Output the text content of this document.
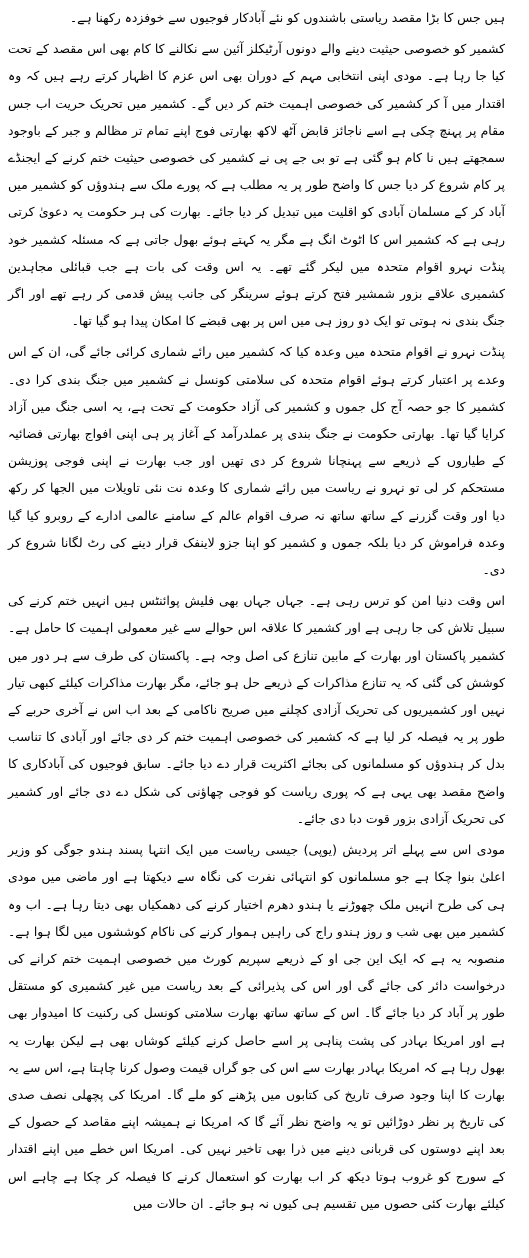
ہیں جس کا بڑا مقصد ریاستی باشندوں کو نئے آبادکار فوجیوں سے خوفزدہ رکھنا ہے۔

کشمیر کو خصوصی حیثیت دینے والے دونوں آرٹیکلز آئین سے نکالنے کا کام بھی اس مقصد کے تحت کیا جا رہا ہے۔ مودی اپنی انتخابی مہم کے دوران بھی اس عزم کا اظہار کرتے رہے ہیں کہ وہ اقتدار میں آ کر کشمیر کی خصوصی اہمیت ختم کر دیں گے۔ کشمیر میں تحریک حریت اب جس مقام پر پہنچ چکی ہے اسے ناجائز قابض آٹھ لاکھ بھارتی فوج اپنے تمام تر مظالم و جبر کے باوجود سمجھتے ہیں نا کام ہو گئی ہے تو بی جے پی نے کشمیر کی خصوصی حیثیت ختم کرنے کے ایجنڈے پر کام شروع کر دیا جس کا واضح طور پر یہ مطلب ہے کہ پورے ملک سے ہندوؤں کو کشمیر میں آباد کر کے مسلمان آبادی کو اقلیت میں تبدیل کر دیا جائے۔ بھارت کی ہر حکومت یہ دعویٰ کرتی رہی ہے کہ کشمیر اس کا اٹوٹ انگ ہے مگر یہ کہتے ہوئے بھول جاتی ہے کہ مسئلہ کشمیر خود پنڈت نہرو اقوام متحدہ میں لیکر گئے تھے۔ یہ اس وقت کی بات ہے جب قبائلی مجاہدین کشمیری علاقے بزور شمشیر فتح کرتے ہوئے سرینگر کی جانب پیش قدمی کر رہے تھے اور اگر جنگ بندی نہ ہوتی تو ایک دو روز ہی میں اس پر بھی قبضے کا امکان پیدا ہو گیا تھا۔

پنڈت نہرو نے اقوام متحدہ میں وعدہ کیا کہ کشمیر میں رائے شماری کرائی جائے گی، ان کے اس وعدے پر اعتبار کرتے ہوئے اقوام متحدہ کی سلامتی کونسل نے کشمیر میں جنگ بندی کرا دی۔ کشمیر کا جو حصہ آج کل جموں و کشمیر کی آزاد حکومت کے تحت ہے، یہ اسی جنگ میں آزاد کرایا گیا تھا۔ بھارتی حکومت نے جنگ بندی پر عملدرآمد کے آغاز پر ہی اپنی افواج بھارتی فضائیہ کے طیاروں کے ذریعے سے پہنچانا شروع کر دی تھیں اور جب بھارت نے اپنی فوجی پوزیشن مستحکم کر لی تو نہرو نے ریاست میں رائے شماری کا وعدہ نت نئی تاویلات میں الجھا کر رکھ دیا اور وقت گزرنے کے ساتھ ساتھ نہ صرف اقوام عالم کے سامنے عالمی ادارے کے روبرو کیا گیا وعدہ فراموش کر دیا بلکہ جموں و کشمیر کو اپنا جزو لاینفک قرار دینے کی رٹ لگانا شروع کر دی۔

اس وقت دنیا امن کو ترس رہی ہے۔ جہاں جہاں بھی فلیش پوائنٹس ہیں انہیں ختم کرنے کی سبیل تلاش کی جا رہی ہے اور کشمیر کا علاقہ اس حوالے سے غیر معمولی اہمیت کا حامل ہے۔ کشمیر پاکستان اور بھارت کے مابین تنازع کی اصل وجہ ہے۔ پاکستان کی طرف سے ہر دور میں کوشش کی گئی کہ یہ تنازع مذاکرات کے ذریعے حل ہو جائے، مگر بھارت مذاکرات کیلئے کبھی تیار نہیں اور کشمیریوں کی تحریک آزادی کچلنے میں صریح ناکامی کے بعد اب اس نے آخری حربے کے طور پر یہ فیصلہ کر لیا ہے کہ کشمیر کی خصوصی اہمیت ختم کر دی جائے اور آبادی کا تناسب بدل کر ہندوؤں کو مسلمانوں کی بجائے اکثریت قرار دے دیا جائے۔ سابق فوجیوں کی آبادکاری کا واضح مقصد بھی یہی ہے کہ پوری ریاست کو فوجی چھاؤنی کی شکل دے دی جائے اور کشمیر کی تحریک آزادی بزور قوت دبا دی جائے۔

مودی اس سے پہلے اتر پردیش (یوپی) جیسی ریاست میں ایک انتہا پسند ہندو جوگی کو وزیر اعلیٰ بنوا چکا ہے جو مسلمانوں کو انتہائی نفرت کی نگاہ سے دیکھتا ہے اور ماضی میں مودی ہی کی طرح انہیں ملک چھوڑنے یا ہندو دھرم اختیار کرنے کی دھمکیاں بھی دیتا رہا ہے۔ اب وہ کشمیر میں بھی شب و روز ہندو راج کی راہیں ہموار کرنے کی ناکام کوششوں میں لگا ہوا ہے۔ منصوبہ یہ ہے کہ ایک این جی او کے ذریعے سپریم کورٹ میں خصوصی اہمیت ختم کرانے کی درخواست دائر کی جائے گی اور اس کی پذیرائی کے بعد ریاست میں غیر کشمیری کو مستقل طور پر آباد کر دیا جائے گا۔ اس کے ساتھ ساتھ بھارت سلامتی کونسل کی رکنیت کا امیدوار بھی ہے اور امریکا بہادر کی پشت پناہی پر اسے حاصل کرنے کیلئے کوشاں بھی ہے لیکن بھارت یہ بھول رہا ہے کہ امریکا بہادر بھارت سے اس کی جو گراں قیمت وصول کرنا چاہتا ہے، اس سے یہ بھارت کا اپنا وجود صرف تاریخ کی کتابوں میں پڑھنے کو ملے گا۔ امریکا کی پچھلی نصف صدی کی تاریخ پر نظر دوڑائیں تو یہ واضح نظر آئے گا کہ امریکا نے ہمیشہ اپنے مقاصد کے حصول کے بعد اپنے دوستوں کی قربانی دینے میں ذرا بھی تاخیر نہیں کی۔ امریکا اس خطے میں اپنے اقتدار کے سورج کو غروب ہوتا دیکھ کر اب بھارت کو استعمال کرنے کا فیصلہ کر چکا ہے چاہے اس کیلئے بھارت کئی حصوں میں تقسیم ہی کیوں نہ ہو جائے۔ ان حالات میں
